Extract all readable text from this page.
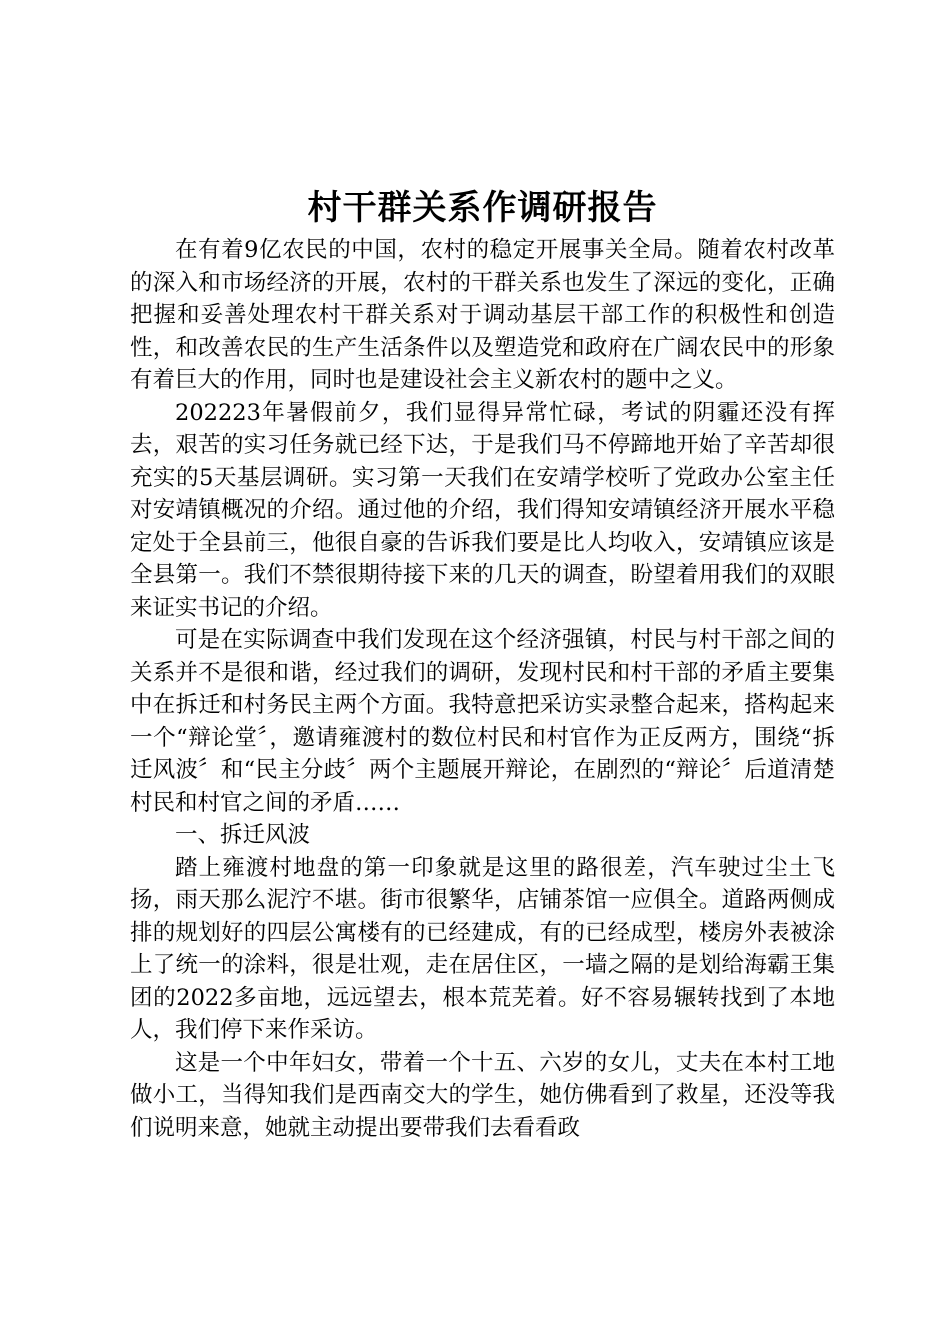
村干群关系作调研报告

在有着9亿农民的中国，农村的稳定开展事关全局。随着农村改革的深入和市场经济的开展，农村的干群关系也发生了深远的变化，正确把握和妥善处理农村干群关系对于调动基层干部工作的积极性和创造性，和改善农民的生产生活条件以及塑造党和政府在广阔农民中的形象有着巨大的作用，同时也是建设社会主义新农村的题中之义。

202223年暑假前夕，我们显得异常忙碌，考试的阴霾还没有挥去，艰苦的实习任务就已经下达，于是我们马不停蹄地开始了辛苦却很充实的5天基层调研。实习第一天我们在安靖学校听了党政办公室主任对安靖镇概况的介绍。通过他的介绍，我们得知安靖镇经济开展水平稳定处于全县前三，他很自豪的告诉我们要是比人均收入，安靖镇应该是全县第一。我们不禁很期待接下来的几天的调查，盼望着用我们的双眼来证实书记的介绍。

可是在实际调查中我们发现在这个经济强镇，村民与村干部之间的关系并不是很和谐，经过我们的调研，发现村民和村干部的矛盾主要集中在拆迁和村务民主两个方面。我特意把采访实录整合起来，搭构起来一个“辩论堂〞，邀请雍渡村的数位村民和村官作为正反两方，围绕“拆迁风波〞和“民主分歧〞两个主题展开辩论，在剧烈的“辩论〞后道清楚村民和村官之间的矛盾……

一、拆迁风波

踏上雍渡村地盘的第一印象就是这里的路很差，汽车驶过尘土飞扬，雨天那么泥泞不堪。街市很繁华，店铺茶馆一应俱全。道路两侧成排的规划好的四层公寓楼有的已经建成，有的已经成型，楼房外表被涂上了统一的涂料，很是壮观，走在居住区，一墙之隔的是划给海霸王集团的2022多亩地，远远望去，根本荒芜着。好不容易辗转找到了本地人，我们停下来作采访。

这是一个中年妇女，带着一个十五、六岁的女儿，丈夫在本村工地做小工，当得知我们是西南交大的学生，她仿佛看到了救星，还没等我们说明来意，她就主动提出要带我们去看看政
